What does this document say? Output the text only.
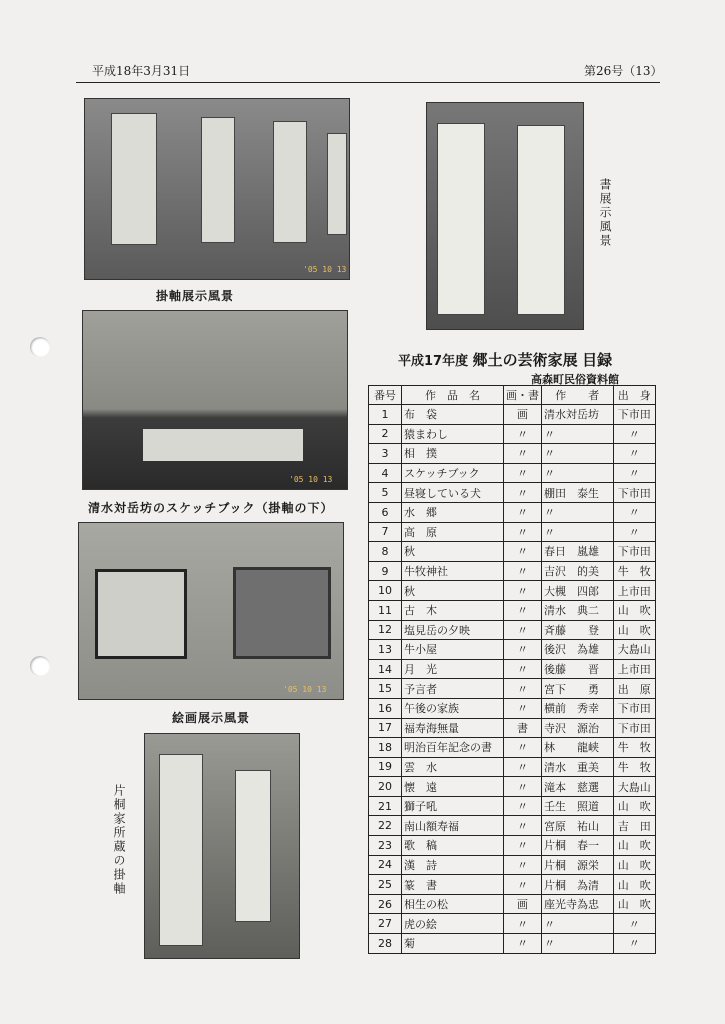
平成18年3月31日	第26号（13）
'05 10 13
掛軸展示風景
書展示風景
'05 10 13
清水対岳坊のスケッチブック（掛軸の下）
'05 10 13
絵画展示風景
片桐家所蔵の掛軸
平成17年度 郷土の芸術家展 目録
高森町民俗資料館
番号	作　品　名	画・書	作　　者	出　身
1	布　袋	画	清水対岳坊	下市田
2	猿まわし	〃	〃	〃
3	相　撲	〃	〃	〃
4	スケッチブック	〃	〃	〃
5	昼寝している犬	〃	棚田　泰生	下市田
6	水　郷	〃	〃	〃
7	高　原	〃	〃	〃
8	秋	〃	春日　嵐雄	下市田
9	牛牧神社	〃	吉沢　的美	牛　牧
10	秋	〃	大槻　四郎	上市田
11	古　木	〃	清水　典二	山　吹
12	塩見岳の夕映	〃	斉藤　　登	山　吹
13	牛小屋	〃	後沢　為雄	大島山
14	月　光	〃	後藤　　晋	上市田
15	予言者	〃	宮下　　勇	出　原
16	午後の家族	〃	横前　秀幸	下市田
17	福寿海無量	書	寺沢　源治	下市田
18	明治百年記念の書	〃	林　　龍峡	牛　牧
19	雲　水	〃	清水　重美	牛　牧
20	懐　遠	〃	滝本　慈選	大島山
21	獅子吼	〃	壬生　照道	山　吹
22	南山額寿福	〃	宮原　祐山	吉　田
23	歌　稿	〃	片桐　春一	山　吹
24	漢　詩	〃	片桐　源栄	山　吹
25	篆　書	〃	片桐　為清	山　吹
26	相生の松	画	座光寺為忠	山　吹
27	虎の絵	〃	〃	〃
28	菊	〃	〃	〃
